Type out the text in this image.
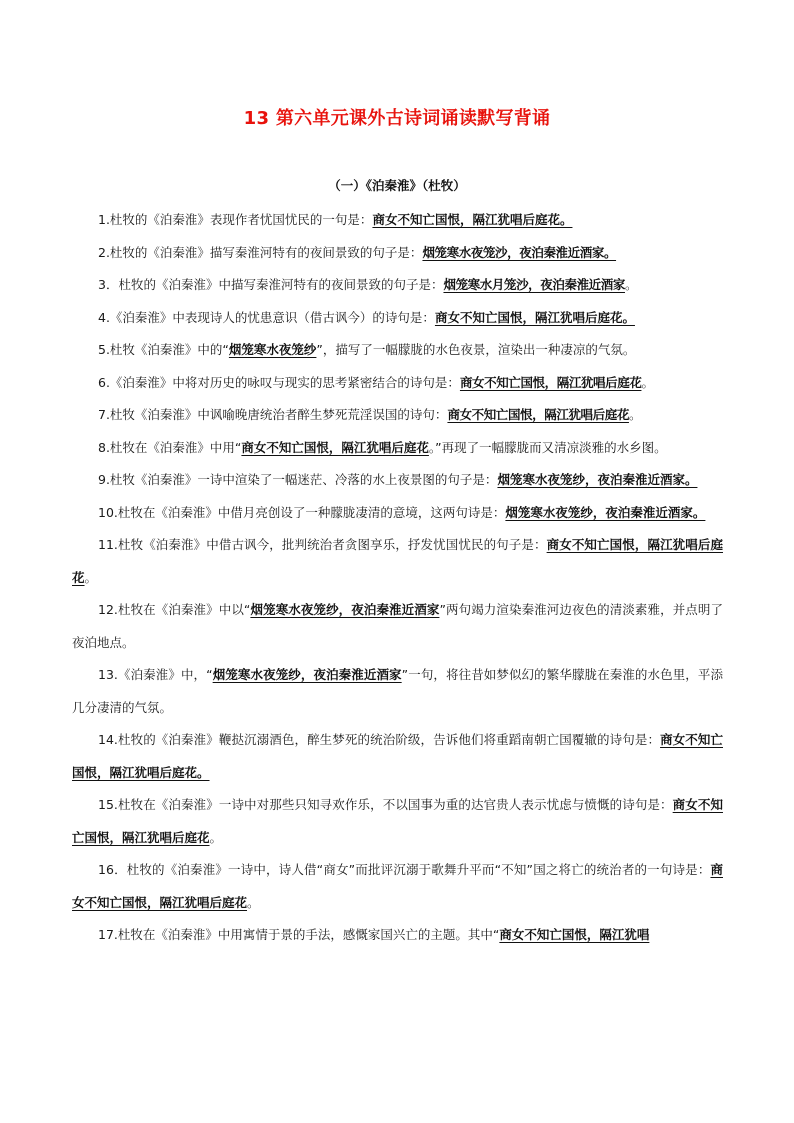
13 第六单元课外古诗词诵读默写背诵
（一）《泊秦淮》（杜牧）

1.杜牧的《泊秦淮》表现作者忧国忧民的一句是：商女不知亡国恨，隔江犹唱后庭花。

2.杜牧的《泊秦淮》描写秦淮河特有的夜间景致的句子是：烟笼寒水夜笼沙，夜泊秦淮近酒家。

3．杜牧的《泊秦淮》中描写秦淮河特有的夜间景致的句子是：烟笼寒水月笼沙，夜泊秦淮近酒家。

4.《泊秦淮》中表现诗人的忧患意识（借古讽今）的诗句是：商女不知亡国恨，隔江犹唱后庭花。

5.杜牧《泊秦淮》中的“烟笼寒水夜笼纱”，描写了一幅朦胧的水色夜景，渲染出一种凄凉的气氛。

6.《泊秦淮》中将对历史的咏叹与现实的思考紧密结合的诗句是：商女不知亡国恨，隔江犹唱后庭花。

7.杜牧《泊秦淮》中讽喻晚唐统治者醉生梦死荒淫误国的诗句：商女不知亡国恨，隔江犹唱后庭花。

8.杜牧在《泊秦淮》中用“商女不知亡国恨，隔江犹唱后庭花。”再现了一幅朦胧而又清凉淡雅的水乡图。

9.杜牧《泊秦淮》一诗中渲染了一幅迷茫、冷落的水上夜景图的句子是：烟笼寒水夜笼纱，夜泊秦淮近酒家。

10.杜牧在《泊秦淮》中借月亮创设了一种朦胧凄清的意境，这两句诗是：烟笼寒水夜笼纱，夜泊秦淮近酒家。

11.杜牧《泊秦淮》中借古讽今，批判统治者贪图享乐，抒发忧国忧民的句子是：商女不知亡国恨，隔江犹唱后庭花。

12.杜牧在《泊秦淮》中以“烟笼寒水夜笼纱，夜泊秦淮近酒家”两句竭力渲染秦淮河边夜色的清淡素雅，并点明了夜泊地点。

13.《泊秦淮》中，“烟笼寒水夜笼纱，夜泊秦淮近酒家”一句，将往昔如梦似幻的繁华朦胧在秦淮的水色里，平添几分凄清的气氛。

14.杜牧的《泊秦淮》鞭挞沉溺酒色，醉生梦死的统治阶级，告诉他们将重蹈南朝亡国覆辙的诗句是：商女不知亡国恨，隔江犹唱后庭花。

15.杜牧在《泊秦淮》一诗中对那些只知寻欢作乐，不以国事为重的达官贵人表示忧虑与愤慨的诗句是：商女不知亡国恨，隔江犹唱后庭花。

16．杜牧的《泊秦淮》一诗中，诗人借“商女”而批评沉溺于歌舞升平而“不知”国之将亡的统治者的一句诗是：商女不知亡国恨，隔江犹唱后庭花。

17.杜牧在《泊秦淮》中用寓情于景的手法，感慨家国兴亡的主题。其中“商女不知亡国恨，隔江犹唱
